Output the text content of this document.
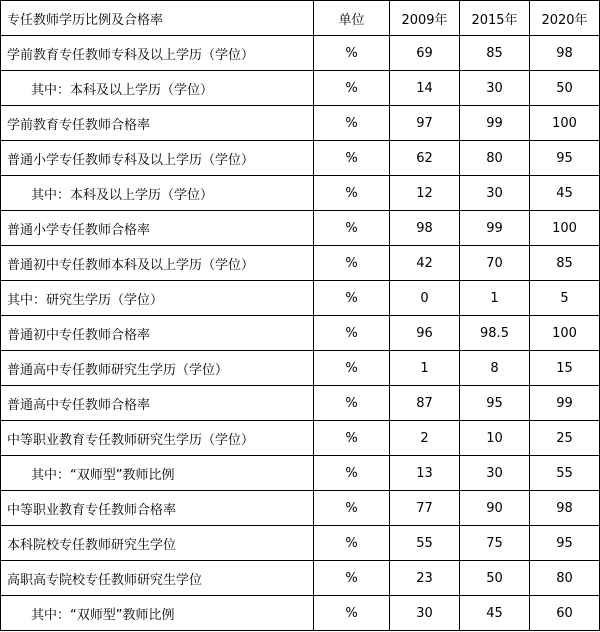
专任教师学历比例及合格率	单位	2009年	2015年	2020年
学前教育专任教师专科及以上学历（学位）	%	69	85	98
其中：本科及以上学历（学位）	%	14	30	50
学前教育专任教师合格率	%	97	99	100
普通小学专任教师专科及以上学历（学位）	%	62	80	95
其中：本科及以上学历（学位）	%	12	30	45
普通小学专任教师合格率	%	98	99	100
普通初中专任教师本科及以上学历（学位）	%	42	70	85
其中：研究生学历（学位）	%	0	1	5
普通初中专任教师合格率	%	96	98.5	100
普通高中专任教师研究生学历（学位）	%	1	8	15
普通高中专任教师合格率	%	87	95	99
中等职业教育专任教师研究生学历（学位）	%	2	10	25
其中：“双师型”教师比例	%	13	30	55
中等职业教育专任教师合格率	%	77	90	98
本科院校专任教师研究生学位	%	55	75	95
高职高专院校专任教师研究生学位	%	23	50	80
其中：“双师型”教师比例	%	30	45	60
